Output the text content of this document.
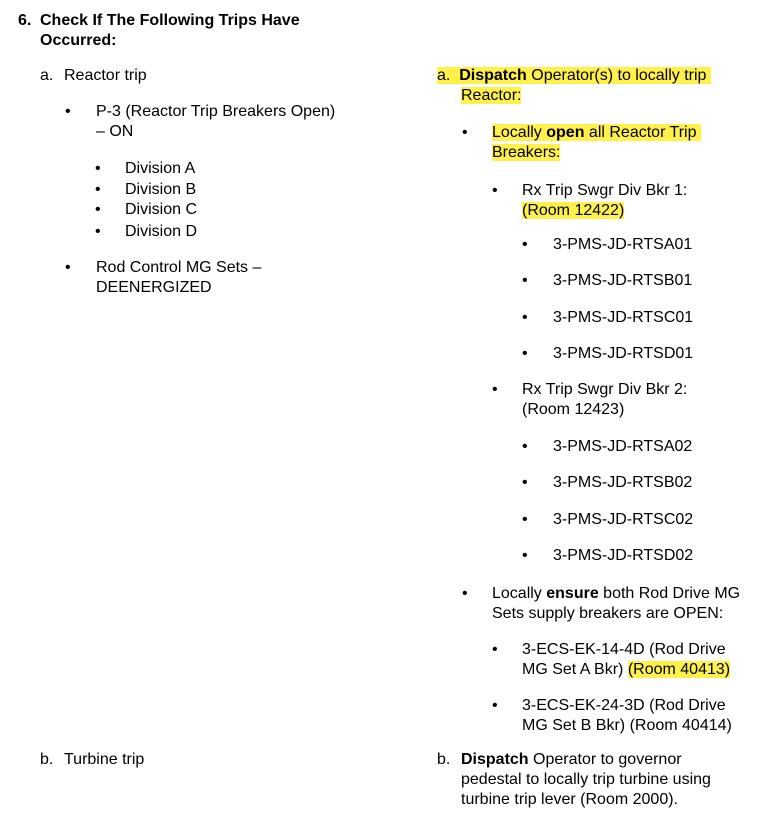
6. Check If The Following Trips Have
Occurred:
a. Reactor trip
•
P-3 (Reactor Trip Breakers Open)
– ON
•
Division A
•
Division B
•
Division C
•
Division D
•
Rod Control MG Sets –
DEENERGIZED
b. Turbine trip
a. Dispatch Operator(s) to locally trip
Reactor:
•
Locally open all Reactor Trip
Breakers:
•
Rx Trip Swgr Div Bkr 1:
(Room 12422)
•
3-PMS-JD-RTSA01
•
3-PMS-JD-RTSB01
•
3-PMS-JD-RTSC01
•
3-PMS-JD-RTSD01
•
Rx Trip Swgr Div Bkr 2:
(Room 12423)
•
3-PMS-JD-RTSA02
•
3-PMS-JD-RTSB02
•
3-PMS-JD-RTSC02
•
3-PMS-JD-RTSD02
•
Locally ensure both Rod Drive MG
Sets supply breakers are OPEN:
•
3-ECS-EK-14-4D (Rod Drive
MG Set A Bkr) (Room 40413)
•
3-ECS-EK-24-3D (Rod Drive
MG Set B Bkr) (Room 40414)
b. Dispatch Operator to governor
pedestal to locally trip turbine using
turbine trip lever (Room 2000).
